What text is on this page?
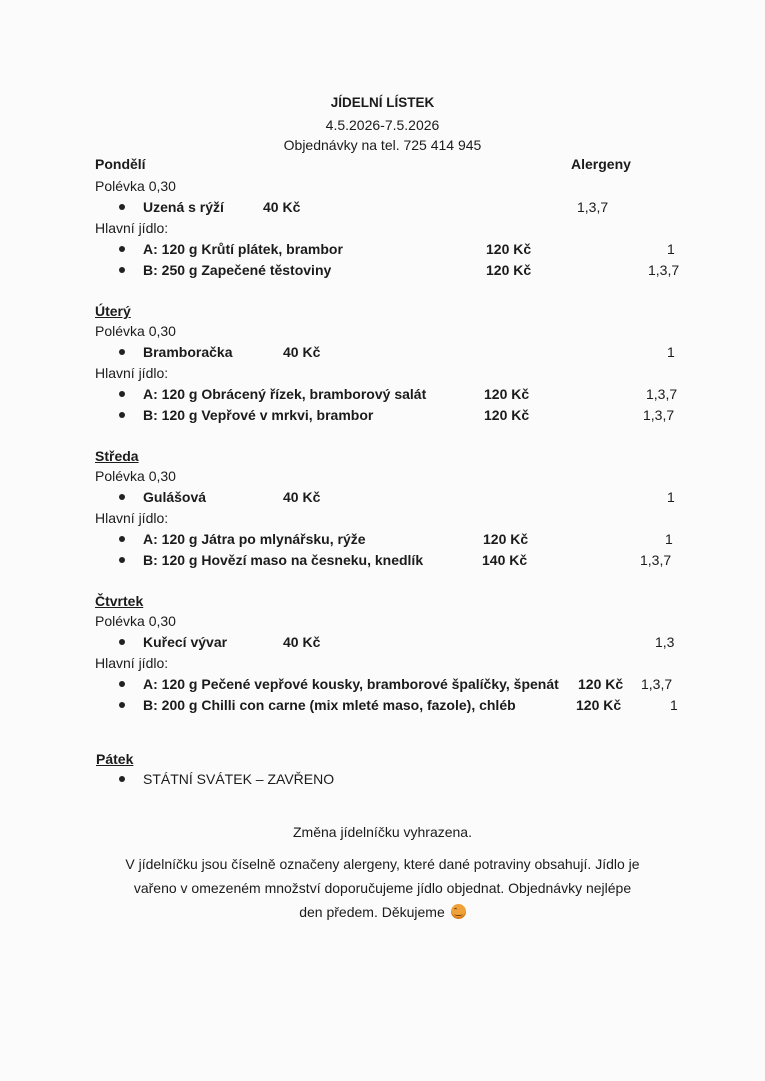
JÍDELNÍ LÍSTEK
4.5.2026-7.5.2026
Objednávky na tel. 725 414 945
Pondělí	Alergeny
Polévka 0,30
Uzená s rýží	40 Kč	1,3,7
Hlavní jídlo:
A: 120 g Krůtí plátek, brambor	120 Kč	1
B: 250 g Zapečené těstoviny	120 Kč	1,3,7
Úterý
Polévka 0,30
Bramboračka	40 Kč	1
Hlavní jídlo:
A: 120 g Obrácený řízek, bramborový salát	120 Kč	1,3,7
B: 120 g Vepřové v mrkvi, brambor	120 Kč	1,3,7
Středa
Polévka 0,30
Gulášová	40 Kč	1
Hlavní jídlo:
A: 120 g Játra po mlynářsku, rýže	120 Kč	1
B: 120 g Hovězí maso na česneku, knedlík	140 Kč	1,3,7
Čtvrtek
Polévka 0,30
Kuřecí vývar	40 Kč	1,3
Hlavní jídlo:
A: 120 g Pečené vepřové kousky, bramborové špalíčky, špenát 120 Kč 1,3,7
B: 200 g Chilli con carne (mix mleté maso, fazole), chléb	120 Kč	1
Pátek
STÁTNÍ SVÁTEK – ZAVŘENO
Změna jídelníčku vyhrazena.
V jídelníčku jsou číselně označeny alergeny, které dané potraviny obsahují. Jídlo je
vařeno v omezeném množství doporučujeme jídlo objednat. Objednávky nejlépe
den předem. Děkujeme
